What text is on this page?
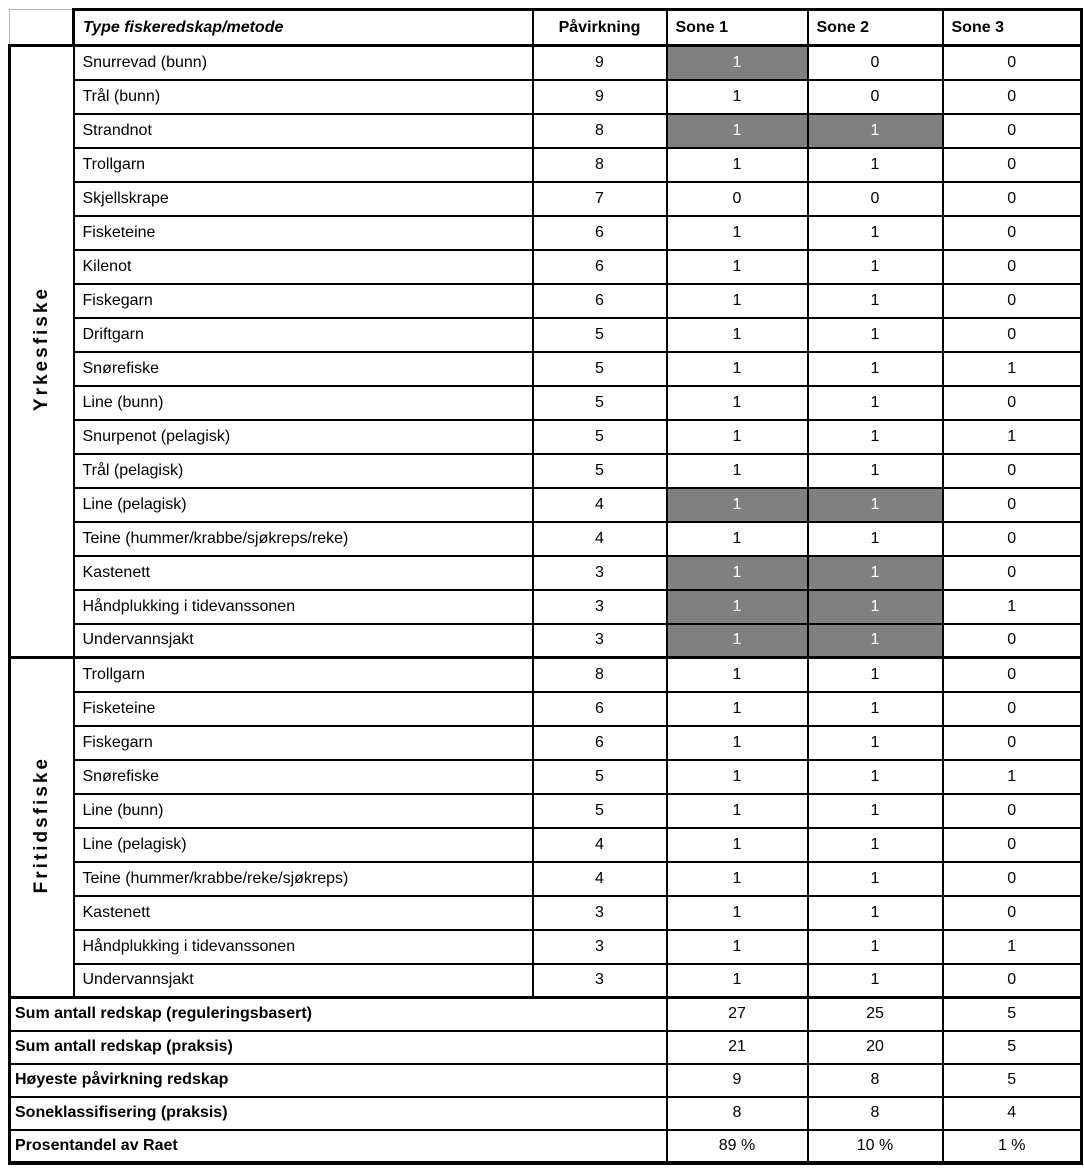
	Type fiskeredskap/metode	Påvirkning	Sone 1	Sone 2	Sone 3
Yrkesfiske	Snurrevad (bunn)	9	1	0	0
	Trål (bunn)	9	1	0	0
	Strandnot	8	1	1	0
	Trollgarn	8	1	1	0
	Skjellskrape	7	0	0	0
	Fisketeine	6	1	1	0
	Kilenot	6	1	1	0
	Fiskegarn	6	1	1	0
	Driftgarn	5	1	1	0
	Snørefiske	5	1	1	1
	Line (bunn)	5	1	1	0
	Snurpenot (pelagisk)	5	1	1	1
	Trål (pelagisk)	5	1	1	0
	Line (pelagisk)	4	1	1	0
	Teine (hummer/krabbe/sjøkreps/reke)	4	1	1	0
	Kastenett	3	1	1	0
	Håndplukking i tidevanssonen	3	1	1	1
	Undervannsjakt	3	1	1	0
Fritidsfiske	Trollgarn	8	1	1	0
	Fisketeine	6	1	1	0
	Fiskegarn	6	1	1	0
	Snørefiske	5	1	1	1
	Line (bunn)	5	1	1	0
	Line (pelagisk)	4	1	1	0
	Teine (hummer/krabbe/reke/sjøkreps)	4	1	1	0
	Kastenett	3	1	1	0
	Håndplukking i tidevanssonen	3	1	1	1
	Undervannsjakt	3	1	1	0
Sum antall redskap (reguleringsbasert)			27	25	5
Sum antall redskap (praksis)			21	20	5
Høyeste påvirkning redskap			9	8	5
Soneklassifisering (praksis)			8	8	4
Prosentandel av Raet			89 %	10 %	1 %
